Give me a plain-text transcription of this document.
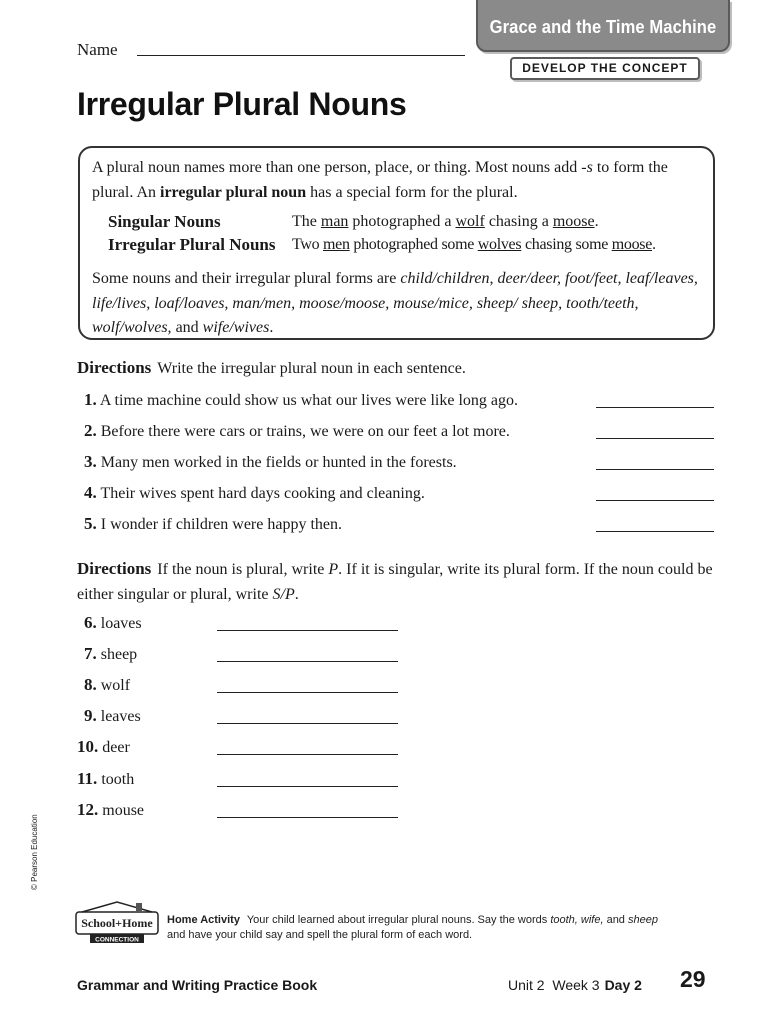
Grace and the Time Machine
DEVELOP THE CONCEPT
Name
Irregular Plural Nouns
A plural noun names more than one person, place, or thing. Most nouns add -s to form the plural. An irregular plural noun has a special form for the plural.
Singular Nouns
Irregular Plural Nouns
The man photographed a wolf chasing a moose.
Two men photographed some wolves chasing some moose.
Some nouns and their irregular plural forms are child/children, deer/deer, foot/feet, leaf/leaves, life/lives, loaf/loaves, man/men, moose/moose, mouse/mice, sheep/ sheep, tooth/teeth, wolf/wolves, and wife/wives.
Directions Write the irregular plural noun in each sentence.
1. A time machine could show us what our lives were like long ago.
2. Before there were cars or trains, we were on our feet a lot more.
3. Many men worked in the fields or hunted in the forests.
4. Their wives spent hard days cooking and cleaning.
5. I wonder if children were happy then.
Directions If the noun is plural, write P. If it is singular, write its plural form. If the noun could be either singular or plural, write S/P.
6. loaves
7. sheep
8. wolf
9. leaves
10. deer
11. tooth
12. mouse
© Pearson Education
School+Home
CONNECTION
Home Activity Your child learned about irregular plural nouns. Say the words tooth, wife, and sheep
and have your child say and spell the plural form of each word.
Grammar and Writing Practice Book	Unit 2  Week 3 Day 2 29
